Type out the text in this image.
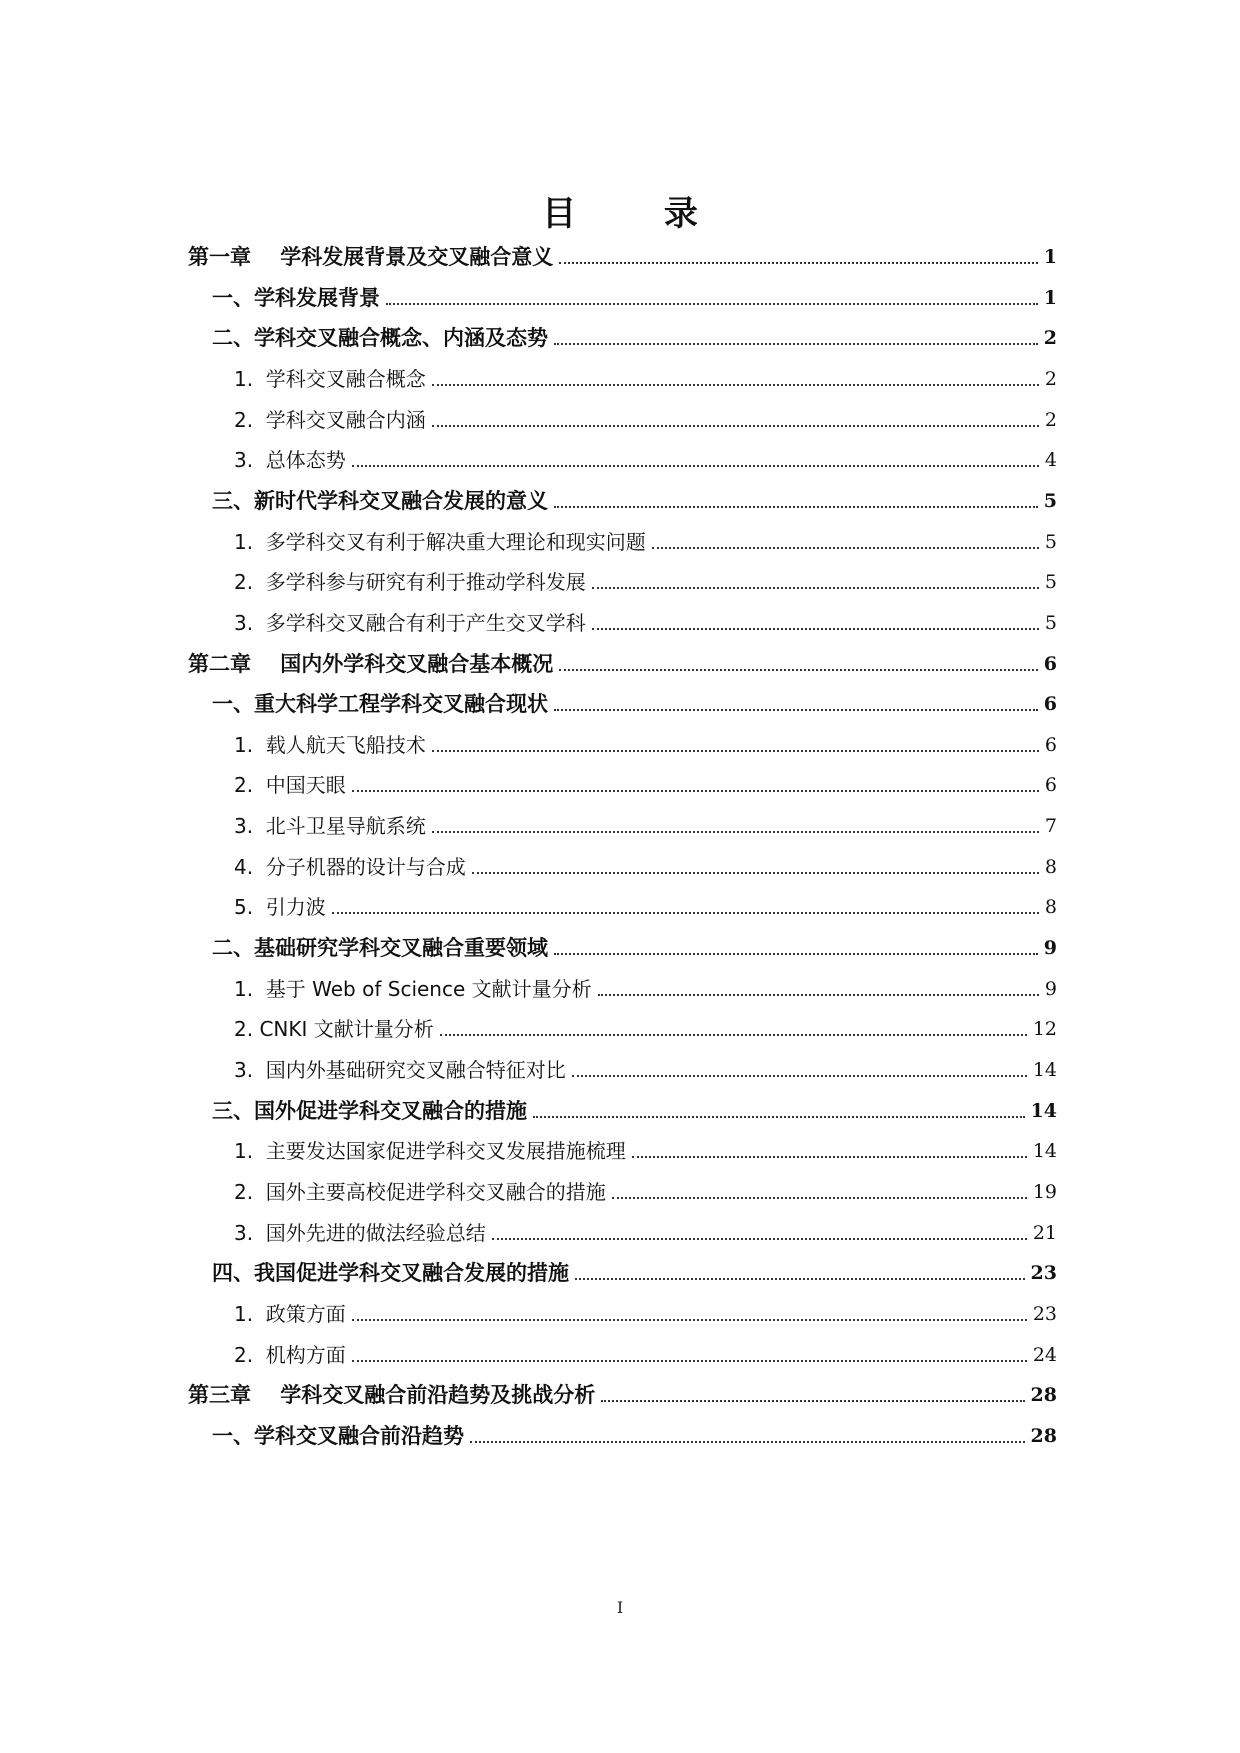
目 录
第一章    学科发展背景及交叉融合意义	1
一、学科发展背景	1
二、学科交叉融合概念、内涵及态势	2
1.  学科交叉融合概念	2
2.  学科交叉融合内涵	2
3.  总体态势	4
三、新时代学科交叉融合发展的意义	5
1.  多学科交叉有利于解决重大理论和现实问题	5
2.  多学科参与研究有利于推动学科发展	5
3.  多学科交叉融合有利于产生交叉学科	5
第二章    国内外学科交叉融合基本概况	6
一、重大科学工程学科交叉融合现状	6
1.  载人航天飞船技术	6
2.  中国天眼	6
3.  北斗卫星导航系统	7
4.  分子机器的设计与合成	8
5.  引力波	8
二、基础研究学科交叉融合重要领域	9
1.  基于 Web of Science 文献计量分析	9
2. CNKI 文献计量分析	12
3.  国内外基础研究交叉融合特征对比	14
三、国外促进学科交叉融合的措施	14
1.  主要发达国家促进学科交叉发展措施梳理	14
2.  国外主要高校促进学科交叉融合的措施	19
3.  国外先进的做法经验总结	21
四、我国促进学科交叉融合发展的措施	23
1.  政策方面	23
2.  机构方面	24
第三章    学科交叉融合前沿趋势及挑战分析	28
一、学科交叉融合前沿趋势	28
I
